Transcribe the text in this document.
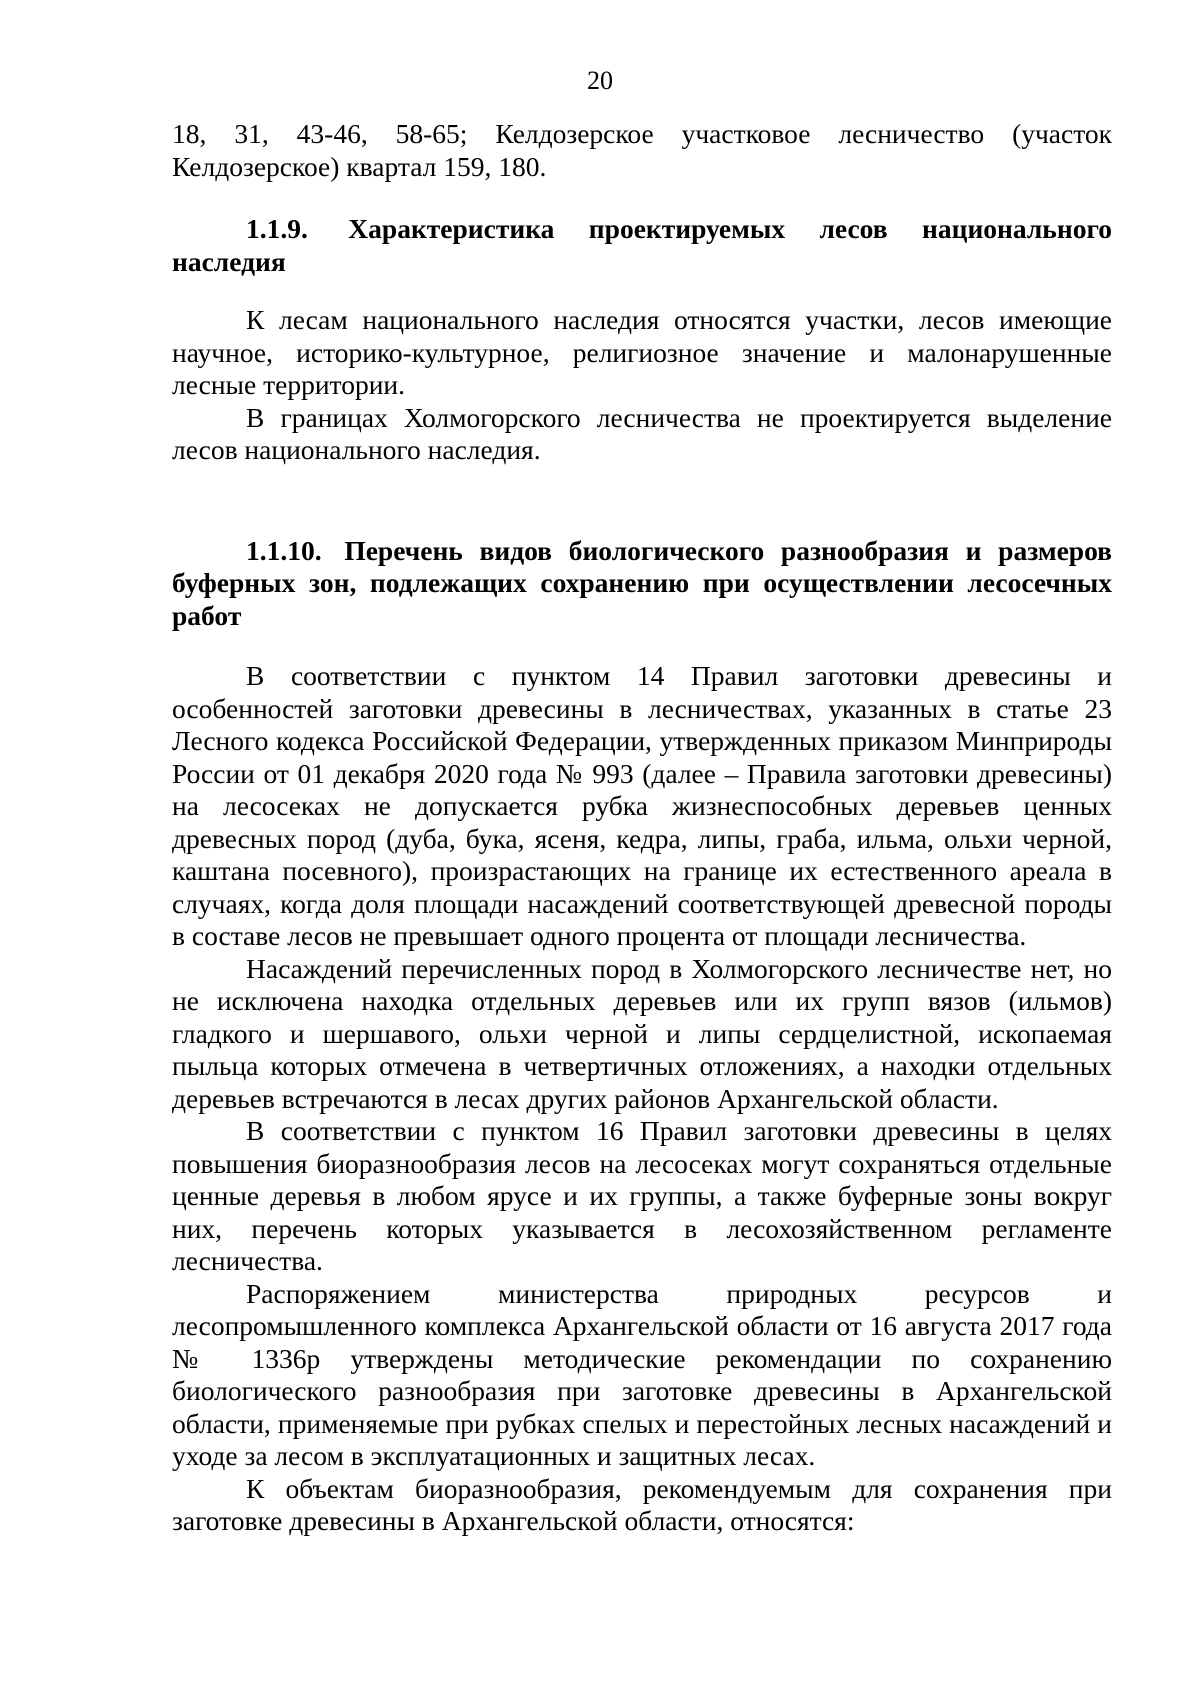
20

18, 31, 43-46, 58-65; Келдозерское участковое лесничество (участок Келдозерское) квартал 159, 180.

1.1.9. Характеристика проектируемых лесов национального наследия

К лесам национального наследия относятся участки, лесов имеющие научное, историко-культурное, религиозное значение и малонарушенные лесные территории.

В границах Холмогорского лесничества не проектируется выделение лесов национального наследия.

1.1.10. Перечень видов биологического разнообразия и размеров буферных зон, подлежащих сохранению при осуществлении лесосечных работ

В соответствии с пунктом 14 Правил заготовки древесины и особенностей заготовки древесины в лесничествах, указанных в статье 23 Лесного кодекса Российской Федерации, утвержденных приказом Минприроды России от 01 декабря 2020 года № 993 (далее – Правила заготовки древесины) на лесосеках не допускается рубка жизнеспособных деревьев ценных древесных пород (дуба, бука, ясеня, кедра, липы, граба, ильма, ольхи черной, каштана посевного), произрастающих на границе их естественного ареала в случаях, когда доля площади насаждений соответствующей древесной породы в составе лесов не превышает одного процента от площади лесничества.

Насаждений перечисленных пород в Холмогорского лесничестве нет, но не исключена находка отдельных деревьев или их групп вязов (ильмов) гладкого и шершавого, ольхи черной и липы сердцелистной, ископаемая пыльца которых отмечена в четвертичных отложениях, а находки отдельных деревьев встречаются в лесах других районов Архангельской области.

В соответствии с пунктом 16 Правил заготовки древесины в целях повышения биоразнообразия лесов на лесосеках могут сохраняться отдельные ценные деревья в любом ярусе и их группы, а также буферные зоны вокруг них, перечень которых указывается в лесохозяйственном регламенте лесничества.

Распоряжением министерства природных ресурсов и лесопромышленного комплекса Архангельской области от 16 августа 2017 года № 1336р утверждены методические рекомендации по сохранению биологического разнообразия при заготовке древесины в Архангельской области, применяемые при рубках спелых и перестойных лесных насаждений и уходе за лесом в эксплуатационных и защитных лесах.

К объектам биоразнообразия, рекомендуемым для сохранения при заготовке древесины в Архангельской области, относятся:
